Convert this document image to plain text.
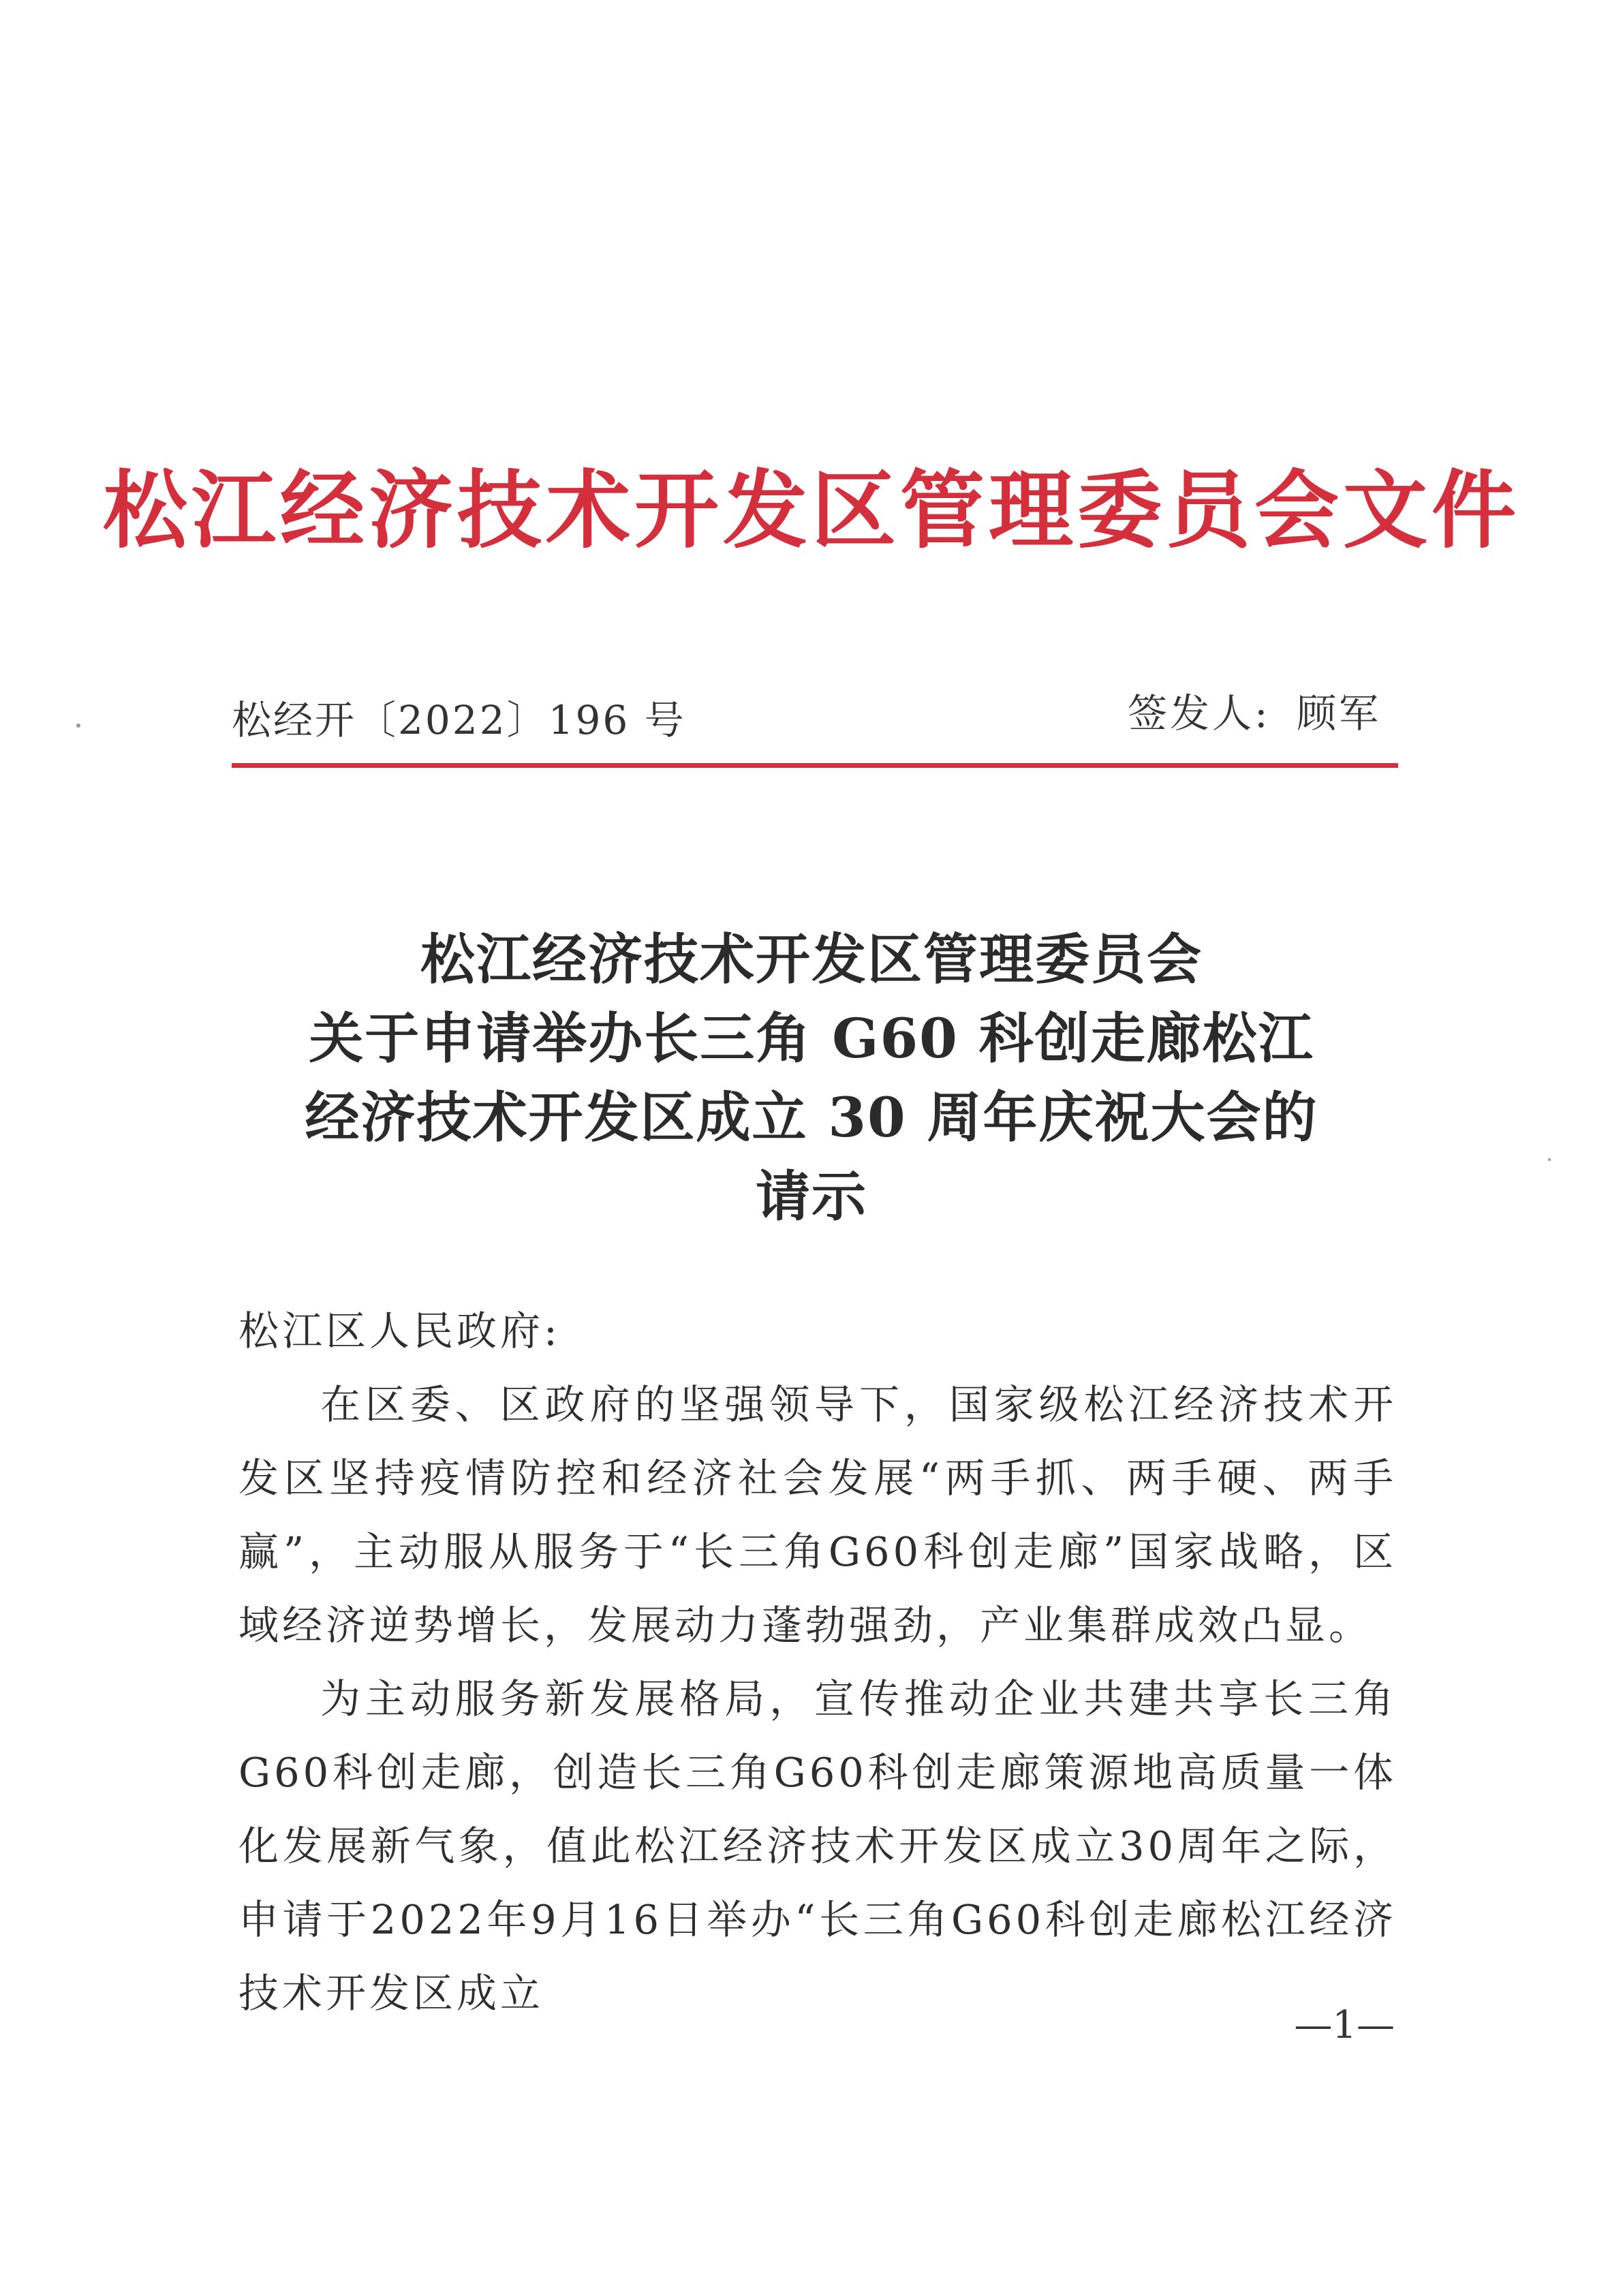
松江经济技术开发区管理委员会文件
松经开〔2022〕196 号	签发人: 顾军
松江经济技术开发区管理委员会
关于申请举办长三角 G60 科创走廊松江
经济技术开发区成立 30 周年庆祝大会的
请示

松江区人民政府:

在区委、区政府的坚强领导下，国家级松江经济技术开发区坚持疫情防控和经济社会发展“两手抓、两手硬、两手赢”，主动服从服务于“长三角G60科创走廊”国家战略，区域经济逆势增长，发展动力蓬勃强劲，产业集群成效凸显。

为主动服务新发展格局，宣传推动企业共建共享长三角G60科创走廊，创造长三角G60科创走廊策源地高质量一体化发展新气象，值此松江经济技术开发区成立30周年之际，申请于2022年9月16日举办“长三角G60科创走廊松江经济技术开发区成立

—1—
